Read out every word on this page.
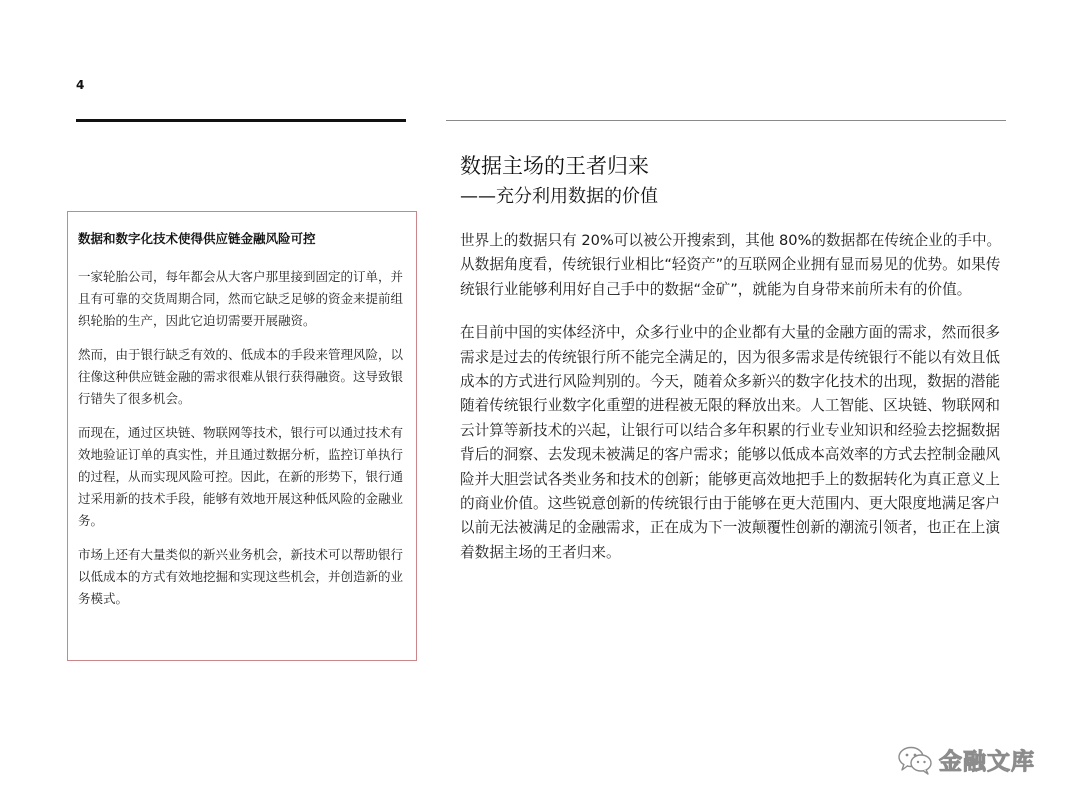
4
数据和数字化技术使得供应链金融风险可控

一家轮胎公司，每年都会从大客户那里接到固定的订单，并且有可靠的交货周期合同，然而它缺乏足够的资金来提前组织轮胎的生产，因此它迫切需要开展融资。

然而，由于银行缺乏有效的、低成本的手段来管理风险，以往像这种供应链金融的需求很难从银行获得融资。这导致银行错失了很多机会。

而现在，通过区块链、物联网等技术，银行可以通过技术有效地验证订单的真实性，并且通过数据分析，监控订单执行的过程，从而实现风险可控。因此，在新的形势下，银行通过采用新的技术手段，能够有效地开展这种低风险的金融业务。

市场上还有大量类似的新兴业务机会，新技术可以帮助银行以低成本的方式有效地挖掘和实现这些机会，并创造新的业务模式。

数据主场的王者归来
——充分利用数据的价值

世界上的数据只有 20%可以被公开搜索到，其他 80%的数据都在传统企业的手中。从数据角度看，传统银行业相比“轻资产”的互联网企业拥有显而易见的优势。如果传统银行业能够利用好自己手中的数据“金矿”，就能为自身带来前所未有的价值。

在目前中国的实体经济中，众多行业中的企业都有大量的金融方面的需求，然而很多需求是过去的传统银行所不能完全满足的，因为很多需求是传统银行不能以有效且低成本的方式进行风险判别的。今天，随着众多新兴的数字化技术的出现，数据的潜能随着传统银行业数字化重塑的进程被无限的释放出来。人工智能、区块链、物联网和云计算等新技术的兴起，让银行可以结合多年积累的行业专业知识和经验去挖掘数据背后的洞察、去发现未被满足的客户需求；能够以低成本高效率的方式去控制金融风险并大胆尝试各类业务和技术的创新；能够更高效地把手上的数据转化为真正意义上的商业价值。这些锐意创新的传统银行由于能够在更大范围内、更大限度地满足客户以前无法被满足的金融需求，正在成为下一波颠覆性创新的潮流引领者，也正在上演着数据主场的王者归来。

金融文库
